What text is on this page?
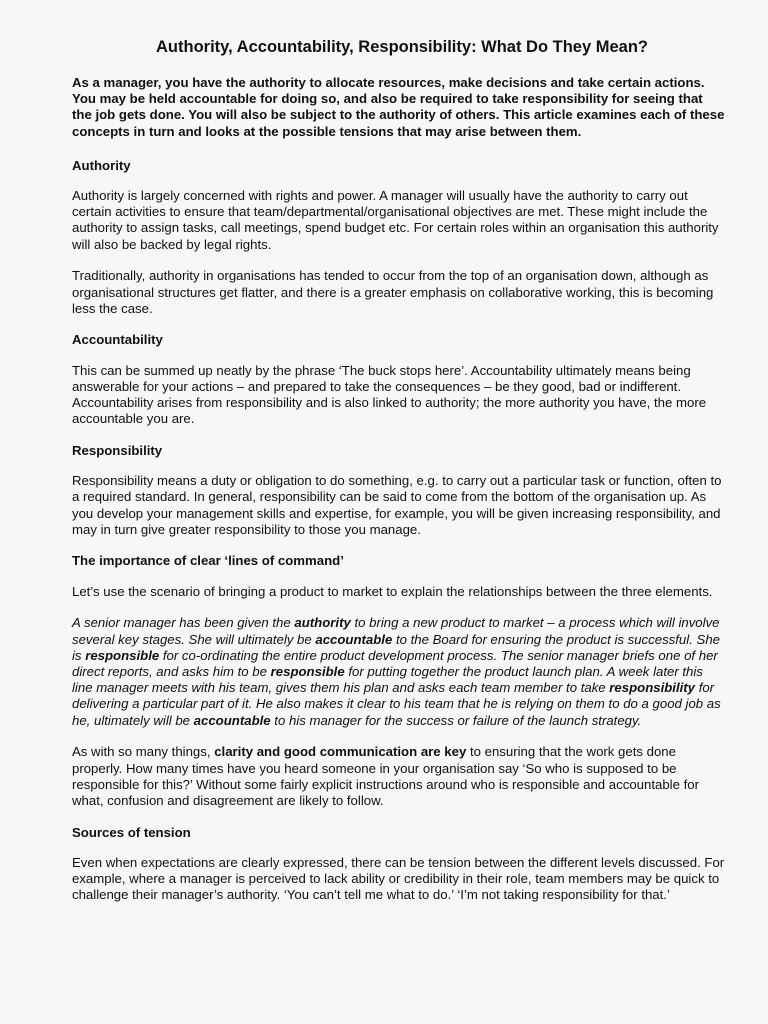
Authority, Accountability, Responsibility: What Do They Mean?

As a manager, you have the authority to allocate resources, make decisions and take certain actions. You may be held accountable for doing so, and also be required to take responsibility for seeing that the job gets done. You will also be subject to the authority of others. This article examines each of these concepts in turn and looks at the possible tensions that may arise between them.

Authority

Authority is largely concerned with rights and power. A manager will usually have the authority to carry out certain activities to ensure that team/departmental/organisational objectives are met. These might include the authority to assign tasks, call meetings, spend budget etc. For certain roles within an organisation this authority will also be backed by legal rights.

Traditionally, authority in organisations has tended to occur from the top of an organisation down, although as organisational structures get flatter, and there is a greater emphasis on collaborative working, this is becoming less the case.

Accountability

This can be summed up neatly by the phrase ‘The buck stops here’. Accountability ultimately means being answerable for your actions – and prepared to take the consequences – be they good, bad or indifferent. Accountability arises from responsibility and is also linked to authority; the more authority you have, the more accountable you are.

Responsibility

Responsibility means a duty or obligation to do something, e.g. to carry out a particular task or function, often to a required standard. In general, responsibility can be said to come from the bottom of the organisation up. As you develop your management skills and expertise, for example, you will be given increasing responsibility, and may in turn give greater responsibility to those you manage.

The importance of clear ‘lines of command’

Let’s use the scenario of bringing a product to market to explain the relationships between the three elements.

A senior manager has been given the authority to bring a new product to market – a process which will involve several key stages. She will ultimately be accountable to the Board for ensuring the product is successful. She is responsible for co-ordinating the entire product development process. The senior manager briefs one of her direct reports, and asks him to be responsible for putting together the product launch plan. A week later this line manager meets with his team, gives them his plan and asks each team member to take responsibility for delivering a particular part of it. He also makes it clear to his team that he is relying on them to do a good job as he, ultimately will be accountable to his manager for the success or failure of the launch strategy.

As with so many things, clarity and good communication are key to ensuring that the work gets done properly. How many times have you heard someone in your organisation say ‘So who is supposed to be responsible for this?’ Without some fairly explicit instructions around who is responsible and accountable for what, confusion and disagreement are likely to follow.

Sources of tension

Even when expectations are clearly expressed, there can be tension between the different levels discussed. For example, where a manager is perceived to lack ability or credibility in their role, team members may be quick to challenge their manager’s authority. ‘You can’t tell me what to do.’ ‘I’m not taking responsibility for that.’
